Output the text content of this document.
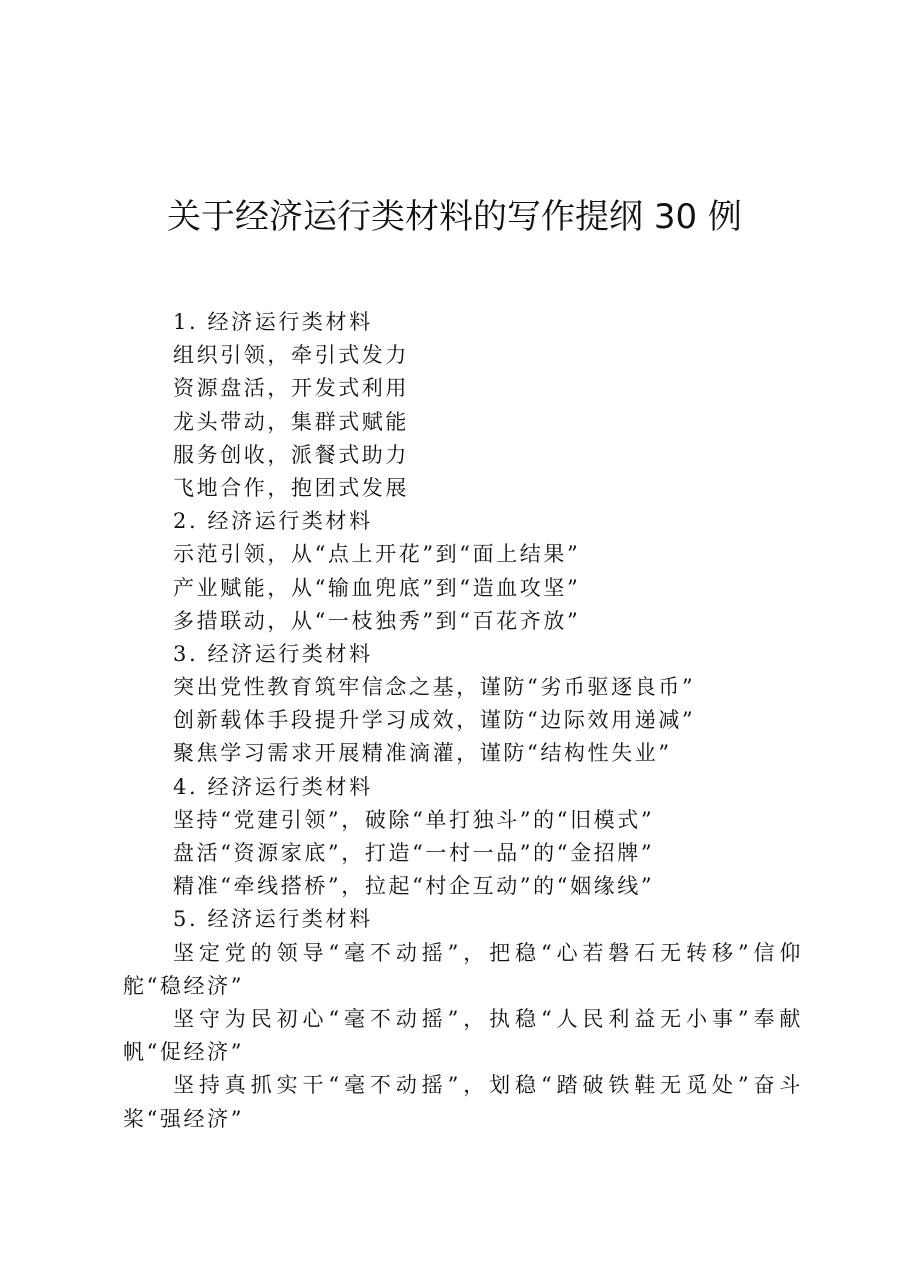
关于经济运行类材料的写作提纲 30 例
1. 经济运行类材料
组织引领，牵引式发力
资源盘活，开发式利用
龙头带动，集群式赋能
服务创收，派餐式助力
飞地合作，抱团式发展
2. 经济运行类材料
示范引领，从“点上开花”到“面上结果”
产业赋能，从“输血兜底”到“造血攻坚”
多措联动，从“一枝独秀”到“百花齐放”
3. 经济运行类材料
突出党性教育筑牢信念之基，谨防“劣币驱逐良币”
创新载体手段提升学习成效，谨防“边际效用递减”
聚焦学习需求开展精准滴灌，谨防“结构性失业”
4. 经济运行类材料
坚持“党建引领”，破除“单打独斗”的“旧模式”
盘活“资源家底”，打造“一村一品”的“金招牌”
精准“牵线搭桥”，拉起“村企互动”的“姻缘线”
5. 经济运行类材料
坚定党的领导“毫不动摇”，把稳“心若磐石无转移”信仰舵“稳经济”
坚守为民初心“毫不动摇”，执稳“人民利益无小事”奉献帆“促经济”
坚持真抓实干“毫不动摇”，划稳“踏破铁鞋无觅处”奋斗桨“强经济”
